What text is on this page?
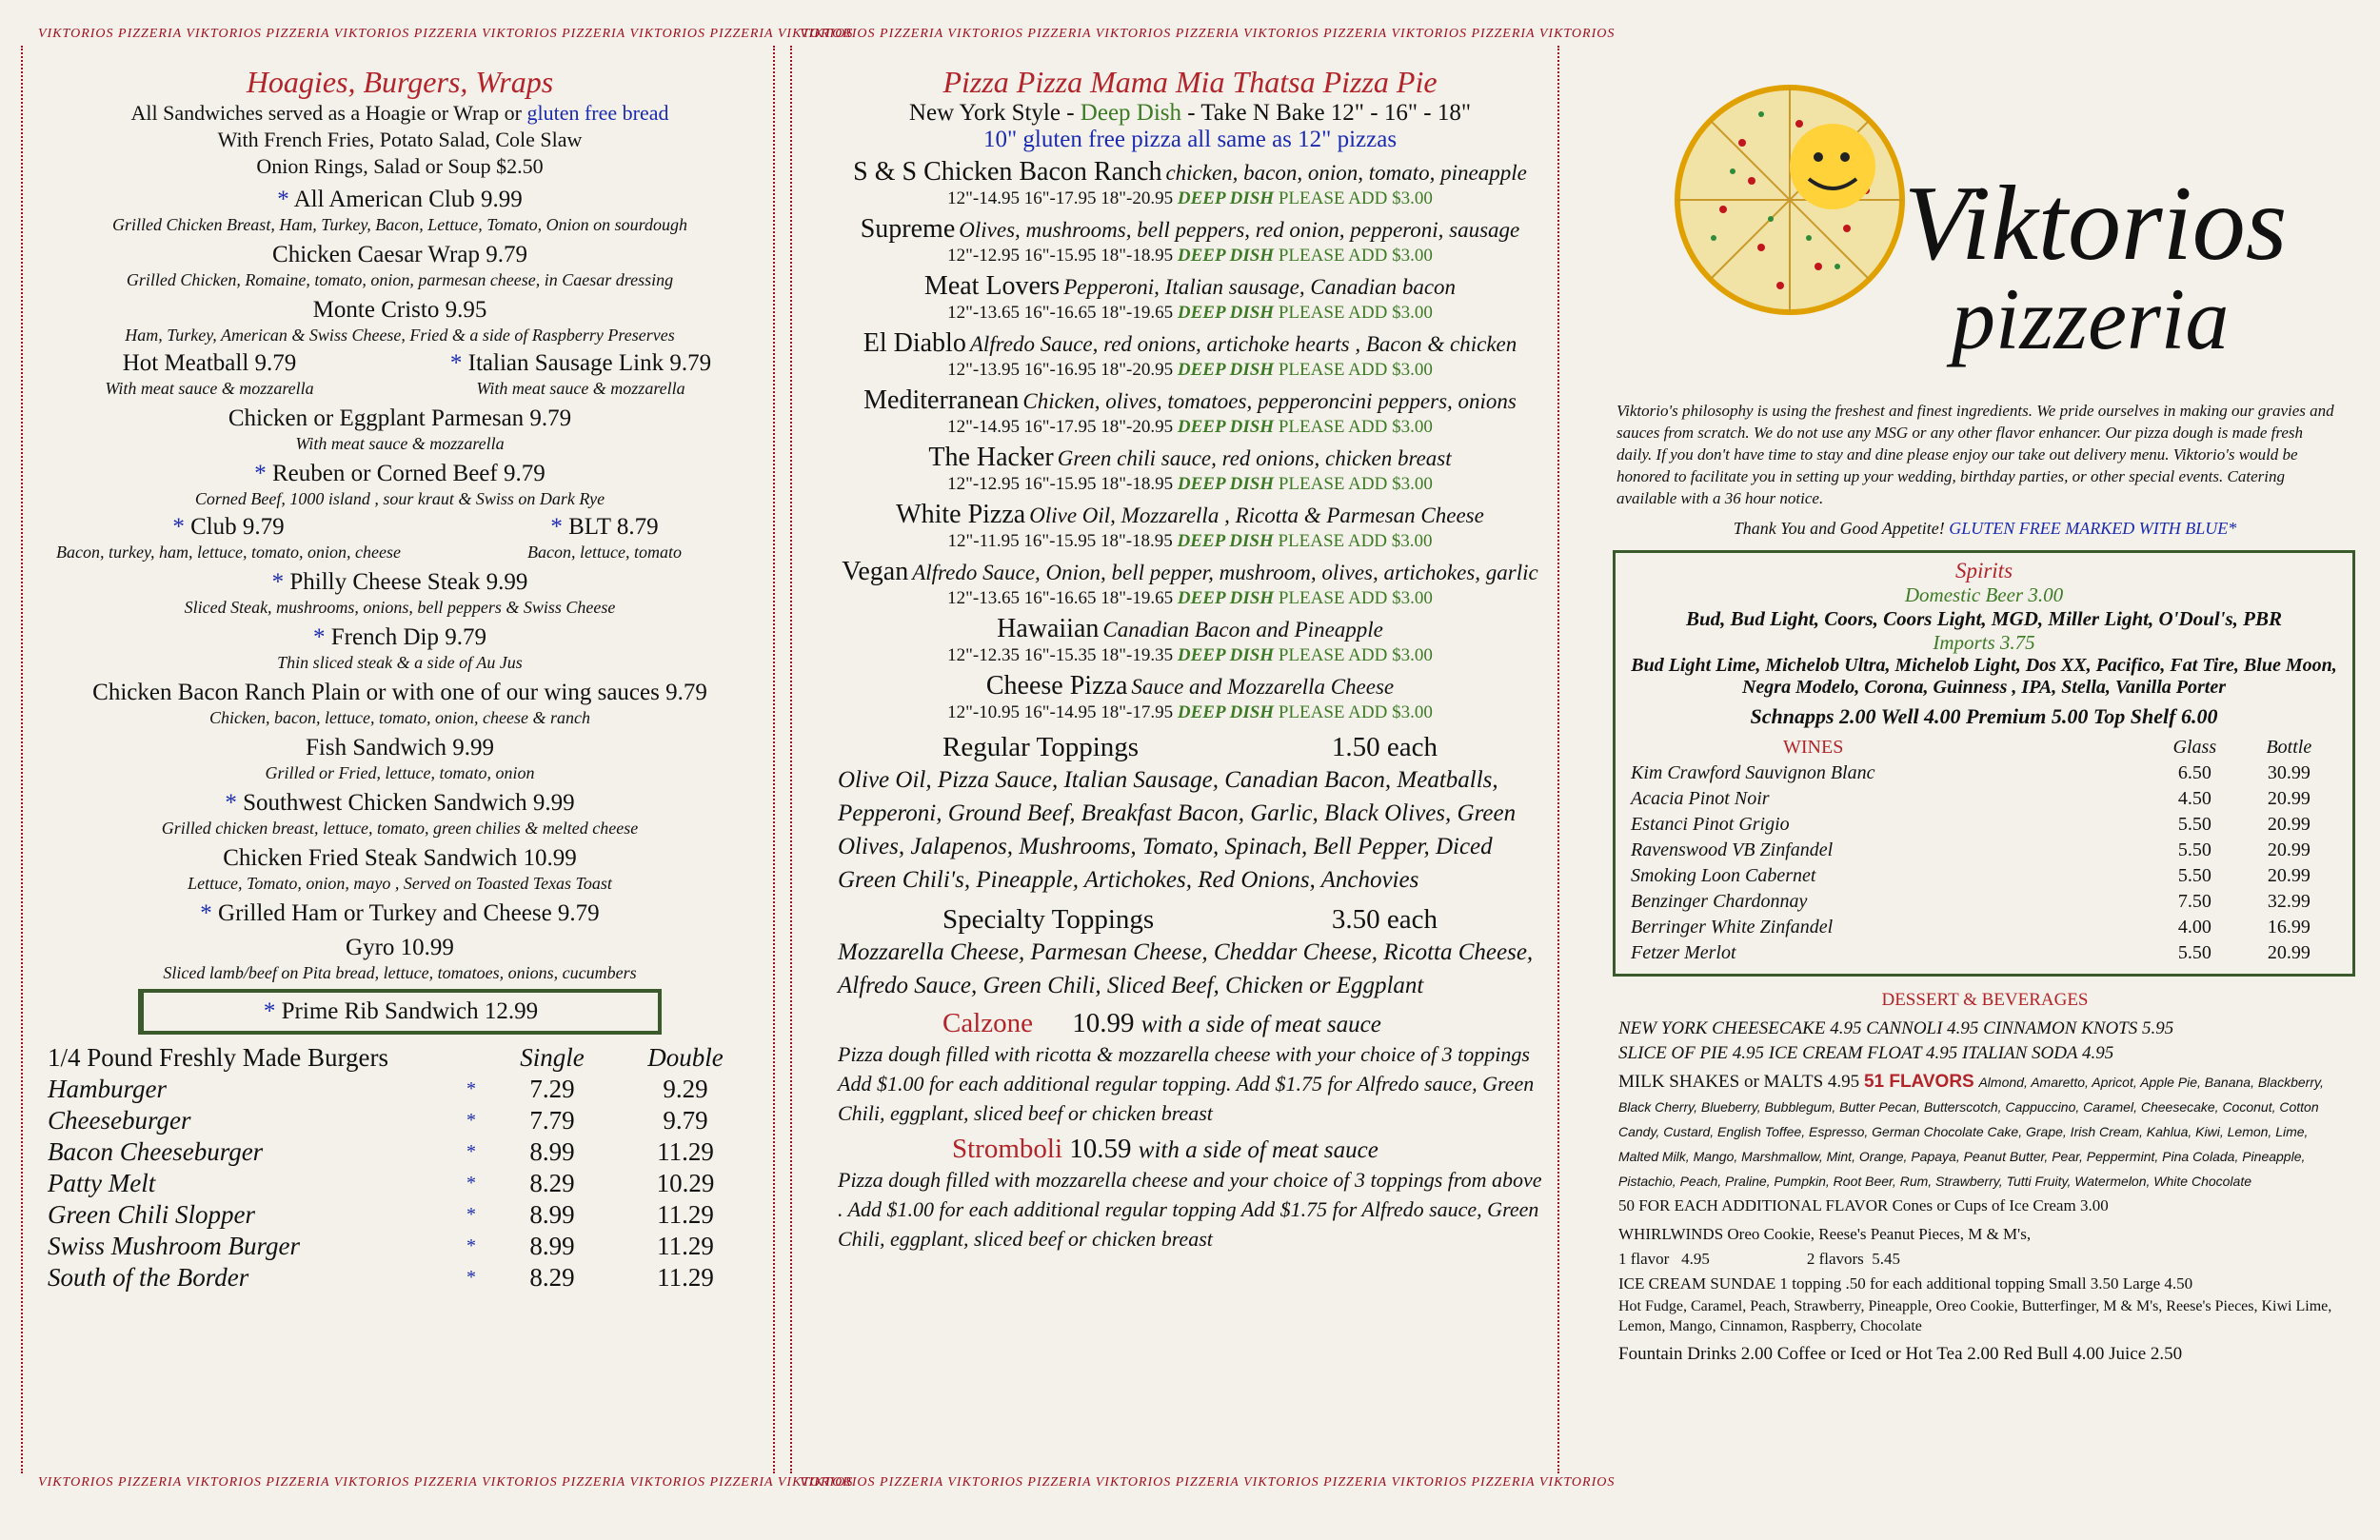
VIKTORIOS PIZZERIA VIKTORIOS PIZZERIA VIKTORIOS PIZZERIA VIKTORIOS PIZZERIA VIKTORIOS PIZZERIA VIKTORIOS
Hoagies, Burgers, Wraps
All Sandwiches served as a Hoagie or Wrap or gluten free bread
With French Fries, Potato Salad, Cole Slaw
Onion Rings, Salad or Soup $2.50
* All American Club 9.99
Grilled Chicken Breast, Ham, Turkey, Bacon, Lettuce, Tomato, Onion on sourdough
Chicken Caesar Wrap 9.79
Grilled Chicken, Romaine, tomato, onion, parmesan cheese, in Caesar dressing
Monte Cristo 9.95
Ham, Turkey, American & Swiss Cheese, Fried & a side of Raspberry Preserves
Hot Meatball 9.79
With meat sauce & mozzarella
* Italian Sausage Link 9.79
With meat sauce & mozzarella
Chicken or Eggplant Parmesan 9.79
With meat sauce & mozzarella
* Reuben or Corned Beef 9.79
Corned Beef, 1000 island , sour kraut & Swiss on Dark Rye
* Club 9.79
Bacon, turkey, ham, lettuce, tomato, onion, cheese
* BLT 8.79
Bacon, lettuce, tomato
* Philly Cheese Steak 9.99
Sliced Steak, mushrooms, onions, bell peppers & Swiss Cheese
* French Dip 9.79
Thin sliced steak & a side of Au Jus
Chicken Bacon Ranch Plain or with one of our wing sauces 9.79
Chicken, bacon, lettuce, tomato, onion, cheese & ranch
Fish Sandwich 9.99
Grilled or Fried, lettuce, tomato, onion
* Southwest Chicken Sandwich 9.99
Grilled chicken breast, lettuce, tomato, green chilies & melted cheese
Chicken Fried Steak Sandwich 10.99
Lettuce, Tomato, onion, mayo , Served on Toasted Texas Toast
* Grilled Ham or Turkey and Cheese 9.79
Gyro 10.99
Sliced lamb/beef on Pita bread, lettuce, tomatoes, onions, cucumbers
* Prime Rib Sandwich 12.99
1/4 Pound Freshly Made Burgers		Single	Double
Hamburger	*	7.29	9.29
Cheeseburger	*	7.79	9.79
Bacon Cheeseburger	*	8.99	11.29
Patty Melt	*	8.29	10.29
Green Chili Slopper	*	8.99	11.29
Swiss Mushroom Burger	*	8.99	11.29
South of the Border	*	8.29	11.29
VIKTORIOS PIZZERIA VIKTORIOS PIZZERIA VIKTORIOS PIZZERIA VIKTORIOS PIZZERIA VIKTORIOS PIZZERIA VIKTORIOS
VIKTORIOS PIZZERIA VIKTORIOS PIZZERIA VIKTORIOS PIZZERIA VIKTORIOS PIZZERIA VIKTORIOS PIZZERIA VIKTORIOS
Pizza Pizza Mama Mia Thatsa Pizza Pie
New York Style - Deep Dish - Take N Bake 12" - 16" - 18"
10" gluten free pizza all same as 12" pizzas
S & S Chicken Bacon Ranch chicken, bacon, onion, tomato, pineapple
12"-14.95 16"-17.95 18"-20.95 DEEP DISH PLEASE ADD $3.00
Supreme Olives, mushrooms, bell peppers, red onion, pepperoni, sausage
12"-12.95 16"-15.95 18"-18.95 DEEP DISH PLEASE ADD $3.00
Meat Lovers Pepperoni, Italian sausage, Canadian bacon
12"-13.65 16"-16.65 18"-19.65 DEEP DISH PLEASE ADD $3.00
El Diablo Alfredo Sauce, red onions, artichoke hearts , Bacon & chicken
12"-13.95 16"-16.95 18"-20.95 DEEP DISH PLEASE ADD $3.00
Mediterranean Chicken, olives, tomatoes, pepperoncini peppers, onions
12"-14.95 16"-17.95 18"-20.95 DEEP DISH PLEASE ADD $3.00
The Hacker Green chili sauce, red onions, chicken breast
12"-12.95 16"-15.95 18"-18.95 DEEP DISH PLEASE ADD $3.00
White Pizza Olive Oil, Mozzarella , Ricotta & Parmesan Cheese
12"-11.95 16"-15.95 18"-18.95 DEEP DISH PLEASE ADD $3.00
Vegan Alfredo Sauce, Onion, bell pepper, mushroom, olives, artichokes, garlic
12"-13.65 16"-16.65 18"-19.65 DEEP DISH PLEASE ADD $3.00
Hawaiian Canadian Bacon and Pineapple
12"-12.35 16"-15.35 18"-19.35 DEEP DISH PLEASE ADD $3.00
Cheese Pizza Sauce and Mozzarella Cheese
12"-10.95 16"-14.95 18"-17.95 DEEP DISH PLEASE ADD $3.00
Regular Toppings	1.50 each
Olive Oil, Pizza Sauce, Italian Sausage, Canadian Bacon, Meatballs, Pepperoni, Ground Beef, Breakfast Bacon, Garlic, Black Olives, Green Olives, Jalapenos, Mushrooms, Tomato, Spinach, Bell Pepper, Diced Green Chili's, Pineapple, Artichokes, Red Onions, Anchovies
Specialty Toppings	3.50 each
Mozzarella Cheese, Parmesan Cheese, Cheddar Cheese, Ricotta Cheese, Alfredo Sauce, Green Chili, Sliced Beef, Chicken or Eggplant
Calzone 10.99 with a side of meat sauce
Pizza dough filled with ricotta & mozzarella cheese with your choice of 3 toppings Add $1.00 for each additional regular topping. Add $1.75 for Alfredo sauce, Green Chili, eggplant, sliced beef or chicken breast
Stromboli 10.59 with a side of meat sauce
Pizza dough filled with mozzarella cheese and your choice of 3 toppings from above . Add $1.00 for each additional regular topping Add $1.75 for Alfredo sauce, Green Chili, eggplant, sliced beef or chicken breast
VIKTORIOS PIZZERIA VIKTORIOS PIZZERIA VIKTORIOS PIZZERIA VIKTORIOS PIZZERIA VIKTORIOS PIZZERIA VIKTORIOS
Viktorios
pizzeria
Viktorio's philosophy is using the freshest and finest ingredients. We pride ourselves in making our gravies and sauces from scratch. We do not use any MSG or any other flavor enhancer. Our pizza dough is made fresh daily. If you don't have time to stay and dine please enjoy our take out delivery menu. Viktorio's would be honored to facilitate you in setting up your wedding, birthday parties, or other special events. Catering available with a 36 hour notice.
Thank You and Good Appetite! GLUTEN FREE MARKED WITH BLUE*
Spirits
Domestic Beer 3.00
Bud, Bud Light, Coors, Coors Light, MGD, Miller Light, O'Doul's, PBR
Imports 3.75
Bud Light Lime, Michelob Ultra, Michelob Light, Dos XX, Pacifico, Fat Tire, Blue Moon, Negra Modelo, Corona, Guinness , IPA, Stella, Vanilla Porter
Schnapps 2.00 Well 4.00 Premium 5.00 Top Shelf 6.00
WINES	Glass	Bottle
Kim Crawford Sauvignon Blanc	6.50	30.99
Acacia Pinot Noir	4.50	20.99
Estanci Pinot Grigio	5.50	20.99
Ravenswood VB Zinfandel	5.50	20.99
Smoking Loon Cabernet	5.50	20.99
Benzinger Chardonnay	7.50	32.99
Berringer White Zinfandel	4.00	16.99
Fetzer Merlot	5.50	20.99
DESSERT & BEVERAGES
NEW YORK CHEESECAKE 4.95 CANNOLI 4.95 CINNAMON KNOTS 5.95
SLICE OF PIE 4.95 ICE CREAM FLOAT 4.95 ITALIAN SODA 4.95
MILK SHAKES or MALTS 4.95 51 FLAVORS Almond, Amaretto, Apricot, Apple Pie, Banana, Blackberry, Black Cherry, Blueberry, Bubblegum, Butter Pecan, Butterscotch, Cappuccino, Caramel, Cheesecake, Coconut, Cotton Candy, Custard, English Toffee, Espresso, German Chocolate Cake, Grape, Irish Cream, Kahlua, Kiwi, Lemon, Lime, Malted Milk, Mango, Marshmallow, Mint, Orange, Papaya, Peanut Butter, Pear, Peppermint, Pina Colada, Pineapple, Pistachio, Peach, Praline, Pumpkin, Root Beer, Rum, Strawberry, Tutti Fruity, Watermelon, White Chocolate
50 FOR EACH ADDITIONAL FLAVOR Cones or Cups of Ice Cream 3.00
WHIRLWINDS Oreo Cookie, Reese's Peanut Pieces, M & M's,
1 flavor   4.95                        2 flavors  5.45
ICE CREAM SUNDAE 1 topping .50 for each additional topping Small 3.50 Large 4.50
Hot Fudge, Caramel, Peach, Strawberry, Pineapple, Oreo Cookie, Butterfinger, M & M's, Reese's Pieces, Kiwi Lime, Lemon, Mango, Cinnamon, Raspberry, Chocolate
Fountain Drinks 2.00 Coffee or Iced or Hot Tea 2.00 Red Bull 4.00 Juice 2.50
